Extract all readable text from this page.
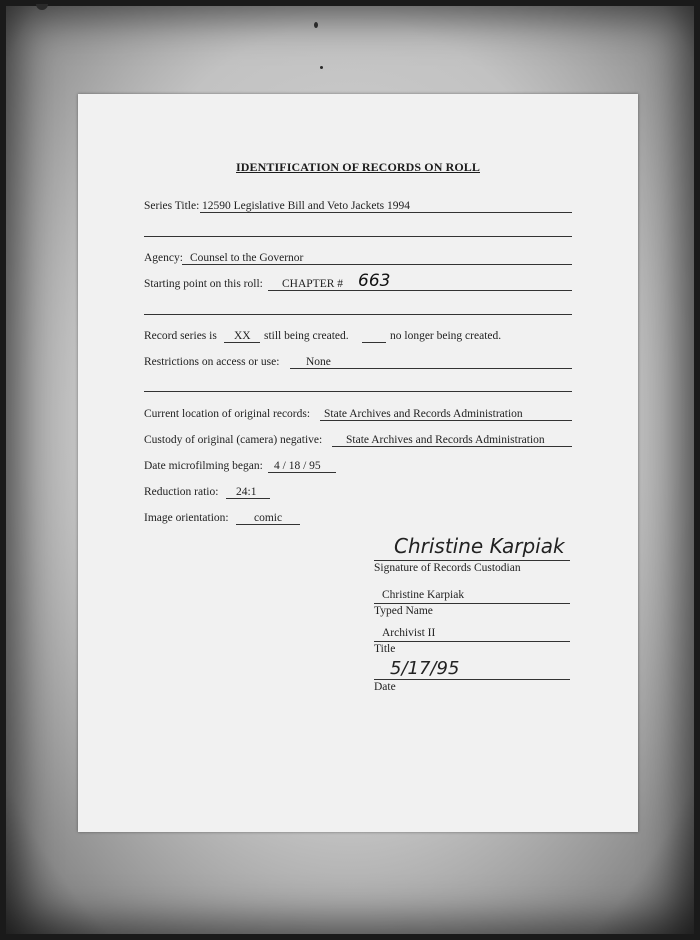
IDENTIFICATION OF RECORDS ON ROLL
Series Title: 12590 Legislative Bill and Veto Jackets 1994
Agency: Counsel to the Governor
Starting point on this roll: CHAPTER # 663
Record series is XX still being created.	no longer being created.
Restrictions on access or use: None
Current location of original records: State Archives and Records Administration
Custody of original (camera) negative: State Archives and Records Administration
Date microfilming began: 4 / 18 / 95
Reduction ratio: 24:1
Image orientation: comic
Christine Karpiak
Signature of Records Custodian
Christine Karpiak
Typed Name
Archivist II
Title
5/17/95
Date
